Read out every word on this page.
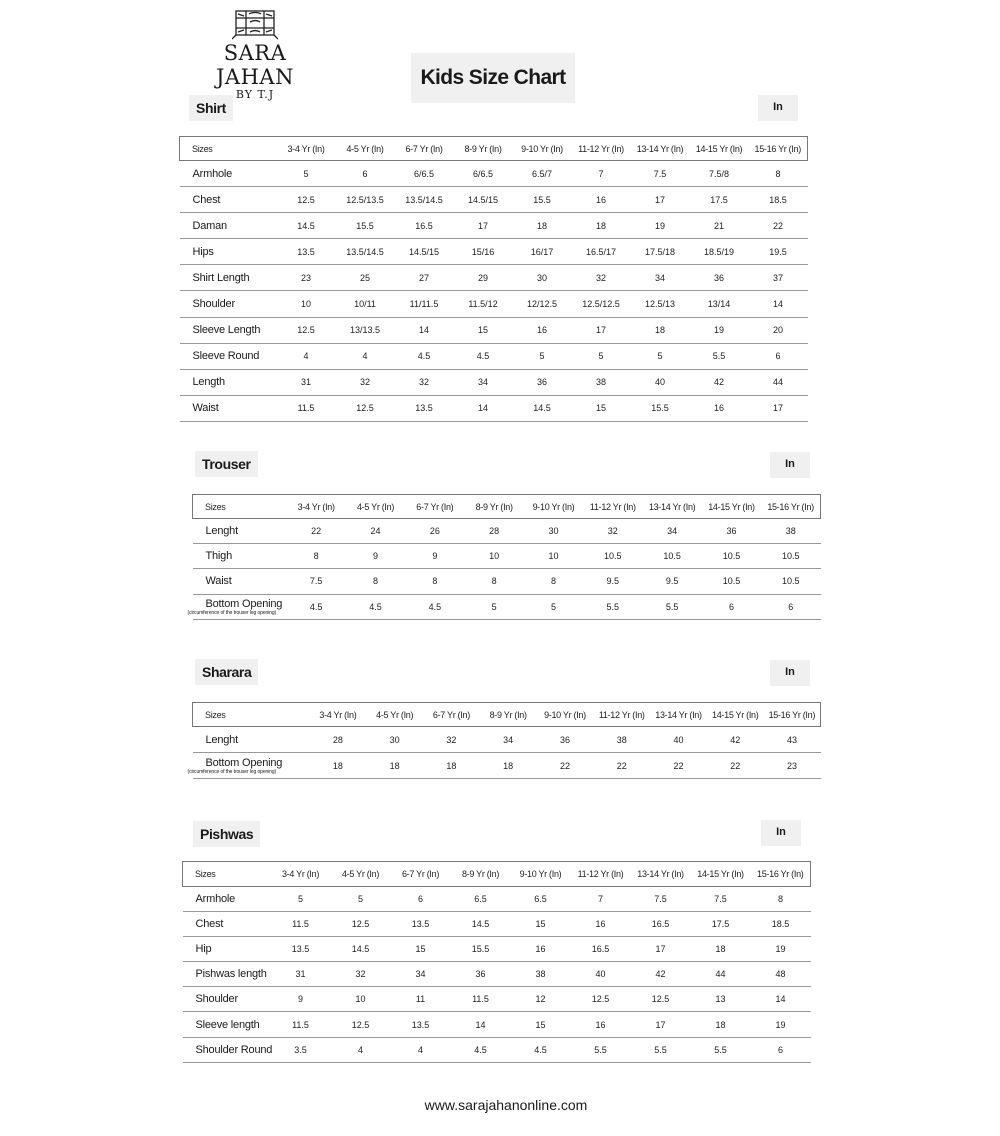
SARA JAHAN
BY T.J
Kids Size Chart
Shirt	In
Sizes	3-4 Yr (In)	4-5 Yr (In)	6-7 Yr (In)	8-9 Yr (In)	9-10 Yr (In)	11-12 Yr (In)	13-14 Yr (In)	14-15 Yr (In)	15-16 Yr (In)
Armhole	5	6	6/6.5	6/6.5	6.5/7	7	7.5	7.5/8	8
Chest	12.5	12.5/13.5	13.5/14.5	14.5/15	15.5	16	17	17.5	18.5
Daman	14.5	15.5	16.5	17	18	18	19	21	22
Hips	13.5	13.5/14.5	14.5/15	15/16	16/17	16.5/17	17.5/18	18.5/19	19.5
Shirt Length	23	25	27	29	30	32	34	36	37
Shoulder	10	10/11	11/11.5	11.5/12	12/12.5	12.5/12.5	12.5/13	13/14	14
Sleeve Length	12.5	13/13.5	14	15	16	17	18	19	20
Sleeve Round	4	4	4.5	4.5	5	5	5	5.5	6
Length	31	32	32	34	36	38	40	42	44
Waist	11.5	12.5	13.5	14	14.5	15	15.5	16	17
Trouser	In
Sizes	3-4 Yr (In)	4-5 Yr (In)	6-7 Yr (In)	8-9 Yr (In)	9-10 Yr (In)	11-12 Yr (In)	13-14 Yr (In)	14-15 Yr (In)	15-16 Yr (In)
Lenght	22	24	26	28	30	32	34	36	38
Thigh	8	9	9	10	10	10.5	10.5	10.5	10.5
Waist	7.5	8	8	8	8	9.5	9.5	10.5	10.5
Bottom Opening
(circumference of the trouser leg opening)	4.5	4.5	4.5	5	5	5.5	5.5	6	6
Sharara	In
Sizes	3-4 Yr (In)	4-5 Yr (In)	6-7 Yr (In)	8-9 Yr (In)	9-10 Yr (In)	11-12 Yr (In)	13-14 Yr (In)	14-15 Yr (In)	15-16 Yr (In)
Lenght	28	30	32	34	36	38	40	42	43
Bottom Opening
(circumference of the trouser leg opening)	18	18	18	18	22	22	22	22	23
Pishwas	In
Sizes	3-4 Yr (In)	4-5 Yr (In)	6-7 Yr (In)	8-9 Yr (In)	9-10 Yr (In)	11-12 Yr (In)	13-14 Yr (In)	14-15 Yr (In)	15-16 Yr (In)
Armhole	5	5	6	6.5	6.5	7	7.5	7.5	8
Chest	11.5	12.5	13.5	14.5	15	16	16.5	17.5	18.5
Hip	13.5	14.5	15	15.5	16	16.5	17	18	19
Pishwas length	31	32	34	36	38	40	42	44	48
Shoulder	9	10	11	11.5	12	12.5	12.5	13	14
Sleeve length	11.5	12.5	13.5	14	15	16	17	18	19
Shoulder Round	3.5	4	4	4.5	4.5	5.5	5.5	5.5	6
www.sarajahanonline.com
